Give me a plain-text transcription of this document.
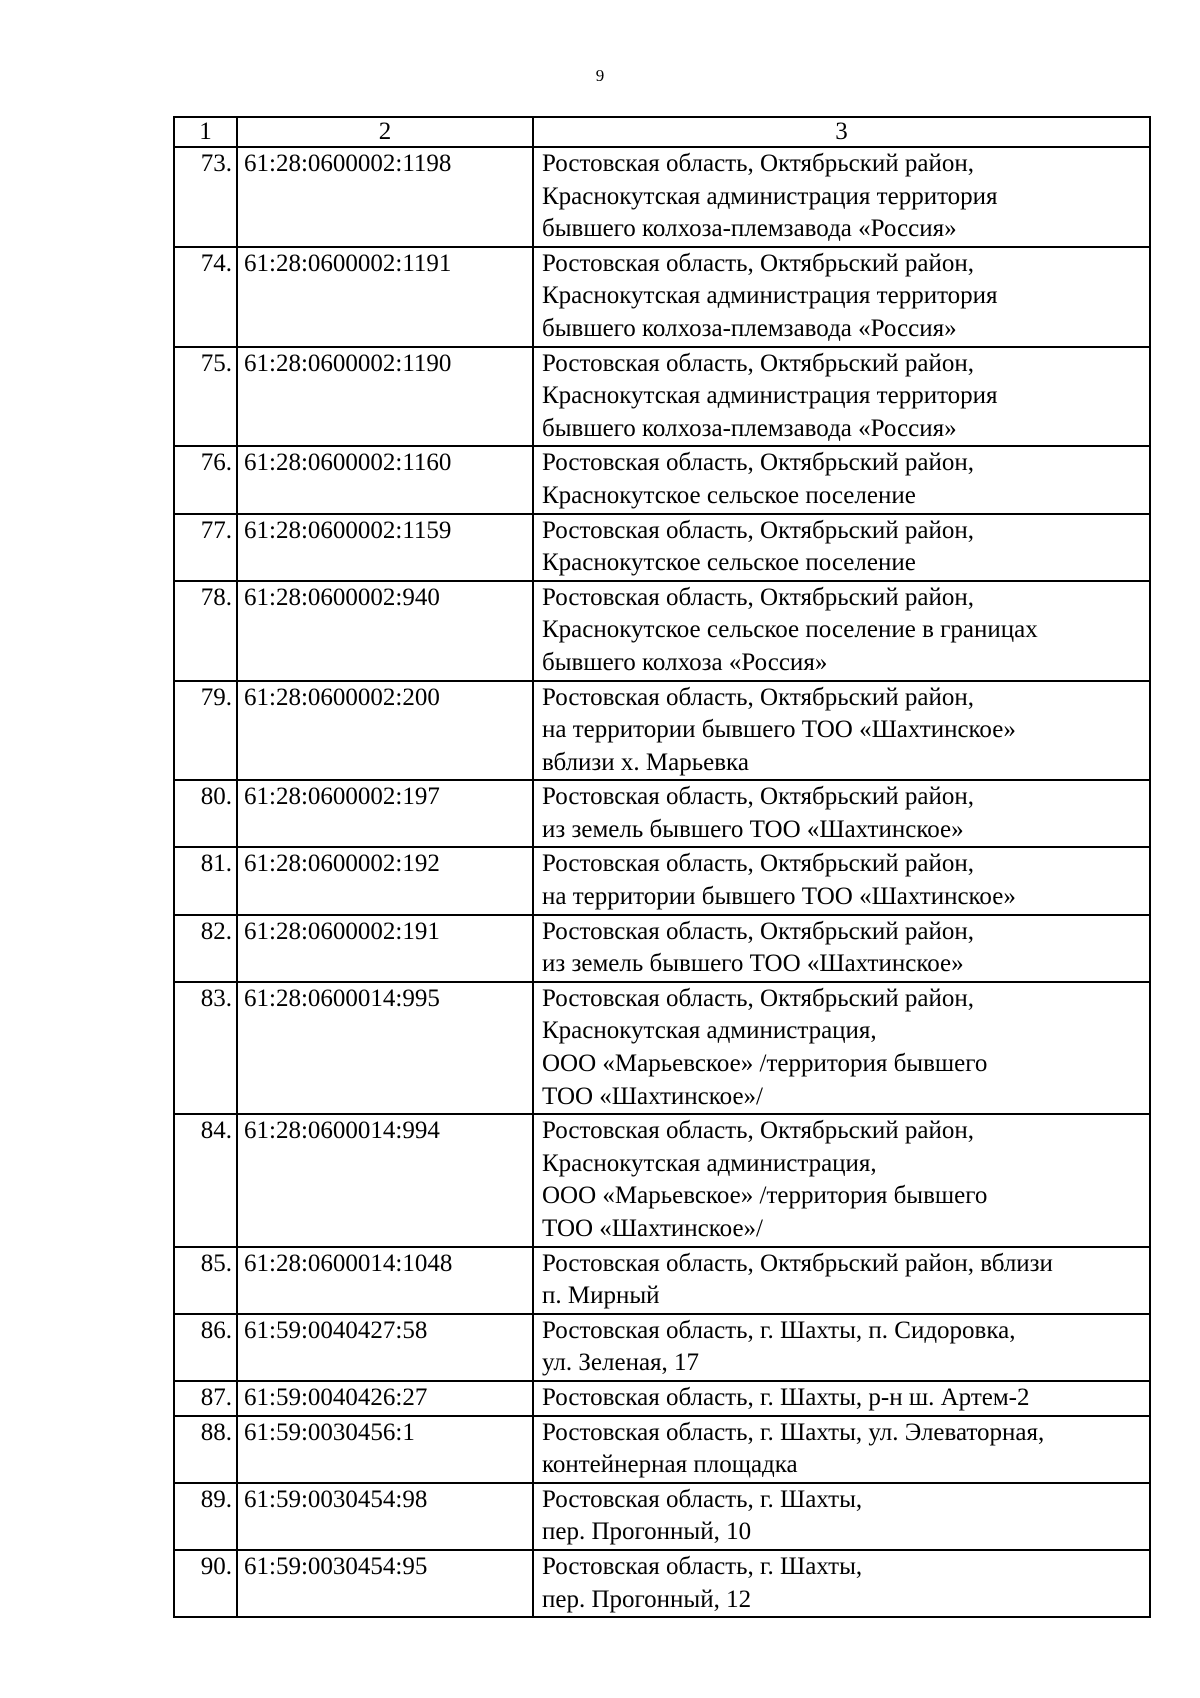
9
1	2	3
73.	61:28:0600002:1198	Ростовская область, Октябрьский район,
Краснокутская администрация территория
бывшего колхоза-племзавода «Россия»
74.	61:28:0600002:1191	Ростовская область, Октябрьский район,
Краснокутская администрация территория
бывшего колхоза-племзавода «Россия»
75.	61:28:0600002:1190	Ростовская область, Октябрьский район,
Краснокутская администрация территория
бывшего колхоза-племзавода «Россия»
76.	61:28:0600002:1160	Ростовская область, Октябрьский район,
Краснокутское сельское поселение
77.	61:28:0600002:1159	Ростовская область, Октябрьский район,
Краснокутское сельское поселение
78.	61:28:0600002:940	Ростовская область, Октябрьский район,
Краснокутское сельское поселение в границах
бывшего колхоза «Россия»
79.	61:28:0600002:200	Ростовская область, Октябрьский район,
на территории бывшего ТОО «Шахтинское»
вблизи х. Марьевка
80.	61:28:0600002:197	Ростовская область, Октябрьский район,
из земель бывшего ТОО «Шахтинское»
81.	61:28:0600002:192	Ростовская область, Октябрьский район,
на территории бывшего ТОО «Шахтинское»
82.	61:28:0600002:191	Ростовская область, Октябрьский район,
из земель бывшего ТОО «Шахтинское»
83.	61:28:0600014:995	Ростовская область, Октябрьский район,
Краснокутская администрация,
ООО «Марьевское» /территория бывшего
ТОО «Шахтинское»/
84.	61:28:0600014:994	Ростовская область, Октябрьский район,
Краснокутская администрация,
ООО «Марьевское» /территория бывшего
ТОО «Шахтинское»/
85.	61:28:0600014:1048	Ростовская область, Октябрьский район, вблизи
п. Мирный
86.	61:59:0040427:58	Ростовская область, г. Шахты, п. Сидоровка,
ул. Зеленая, 17
87.	61:59:0040426:27	Ростовская область, г. Шахты, р-н ш. Артем-2
88.	61:59:0030456:1	Ростовская область, г. Шахты, ул. Элеваторная,
контейнерная площадка
89.	61:59:0030454:98	Ростовская область, г. Шахты,
пер. Прогонный, 10
90.	61:59:0030454:95	Ростовская область, г. Шахты,
пер. Прогонный, 12
